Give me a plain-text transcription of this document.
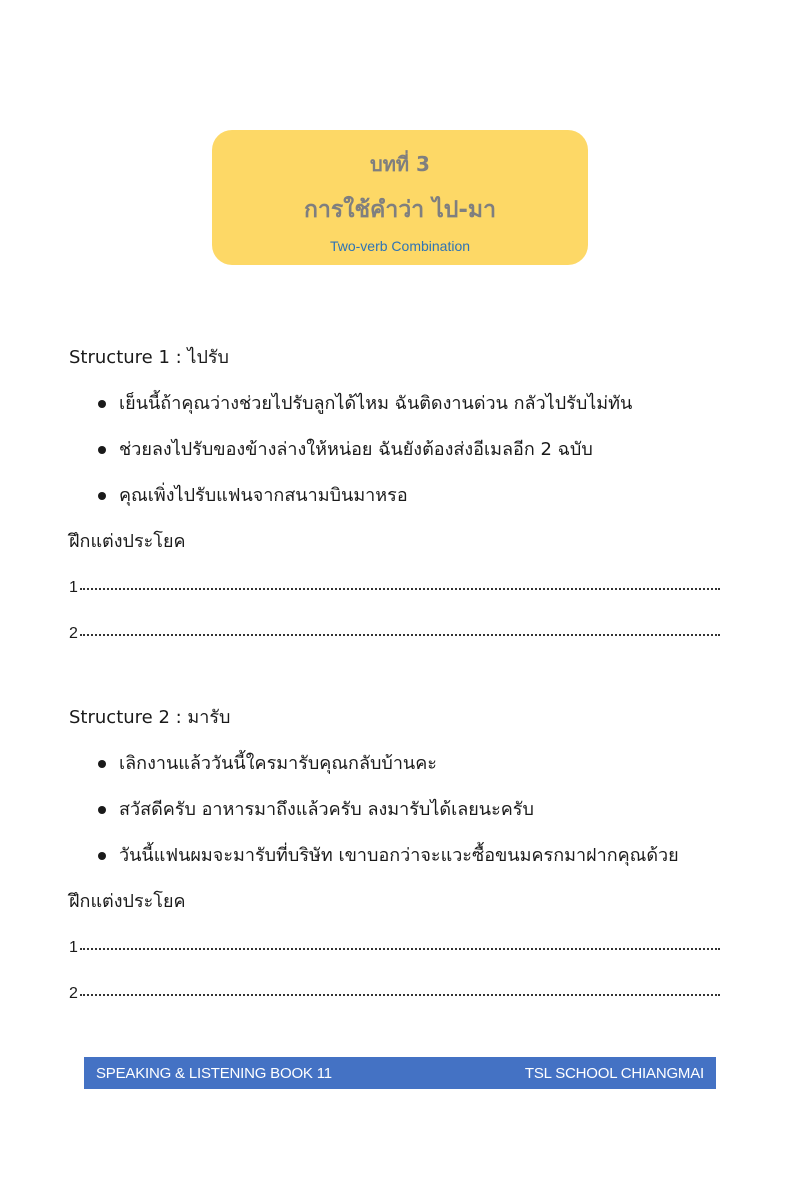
บทที่ 3
การใช้คำว่า ไป-มา
Two-verb Combination
Structure 1 : ไปรับ
เย็นนี้ถ้าคุณว่างช่วยไปรับลูกได้ไหม ฉันติดงานด่วน กลัวไปรับไม่ทัน
ช่วยลงไปรับของข้างล่างให้หน่อย ฉันยังต้องส่งอีเมลอีก 2 ฉบับ
คุณเพิ่งไปรับแฟนจากสนามบินมาหรอ
ฝึกแต่งประโยค
1
2
Structure 2 : มารับ
เลิกงานแล้ววันนี้ใครมารับคุณกลับบ้านคะ
สวัสดีครับ อาหารมาถึงแล้วครับ ลงมารับได้เลยนะครับ
วันนี้แฟนผมจะมารับที่บริษัท เขาบอกว่าจะแวะซื้อขนมครกมาฝากคุณด้วย
ฝึกแต่งประโยค
1
2
SPEAKING & LISTENING BOOK 11	TSL SCHOOL CHIANGMAI
